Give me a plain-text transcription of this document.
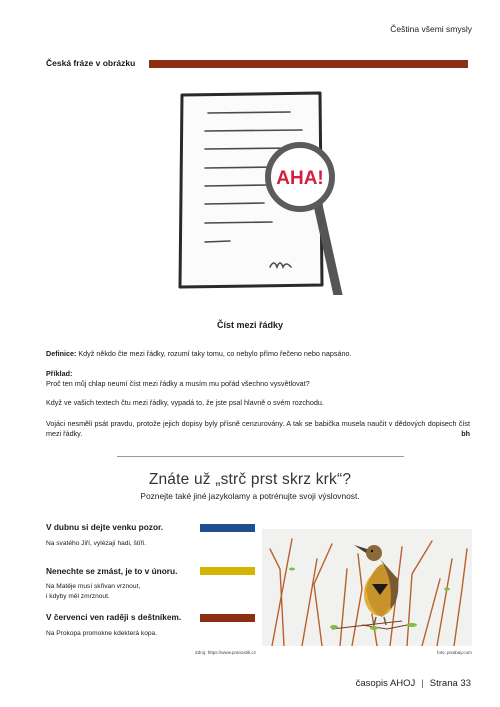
Čeština všemi smysly
Česká fráze v obrázku
AHA!
Číst mezi řádky
Definice: Když někdo čte mezi řádky, rozumí taky tomu, co nebylo přímo řečeno nebo napsáno.
Příklad:
Proč ten můj chlap neumí číst mezi řádky a musím mu pořád všechno vysvětlovat?
Když ve vašich textech čtu mezi řádky, vypadá to, že jste psal hlavně o svém rozchodu.
Vojáci nesměli psát pravdu, protože jejich dopisy byly přísně cenzurovány. A tak se babička musela naučit v dědových dopisech číst mezi řádky.	bh
Znáte už „strč prst skrz krk“?
Poznejte také jiné jazykolamy a potrénujte svoji výslovnost.
V dubnu si dejte venku pozor.
Na svatého Jiří, vylézají hadi, štíři.
Nenechte se zmást, je to v únoru.
Na Matěje musí skřivan vrznout,
i kdyby měl zmrznout.
V červenci ven raději s deštníkem.
Na Prokopa promokne kdekterá kopa.
Zdroj: https://www.pranostik.cz	foto: pixabay.com
časopis AHOJ | Strana 33
